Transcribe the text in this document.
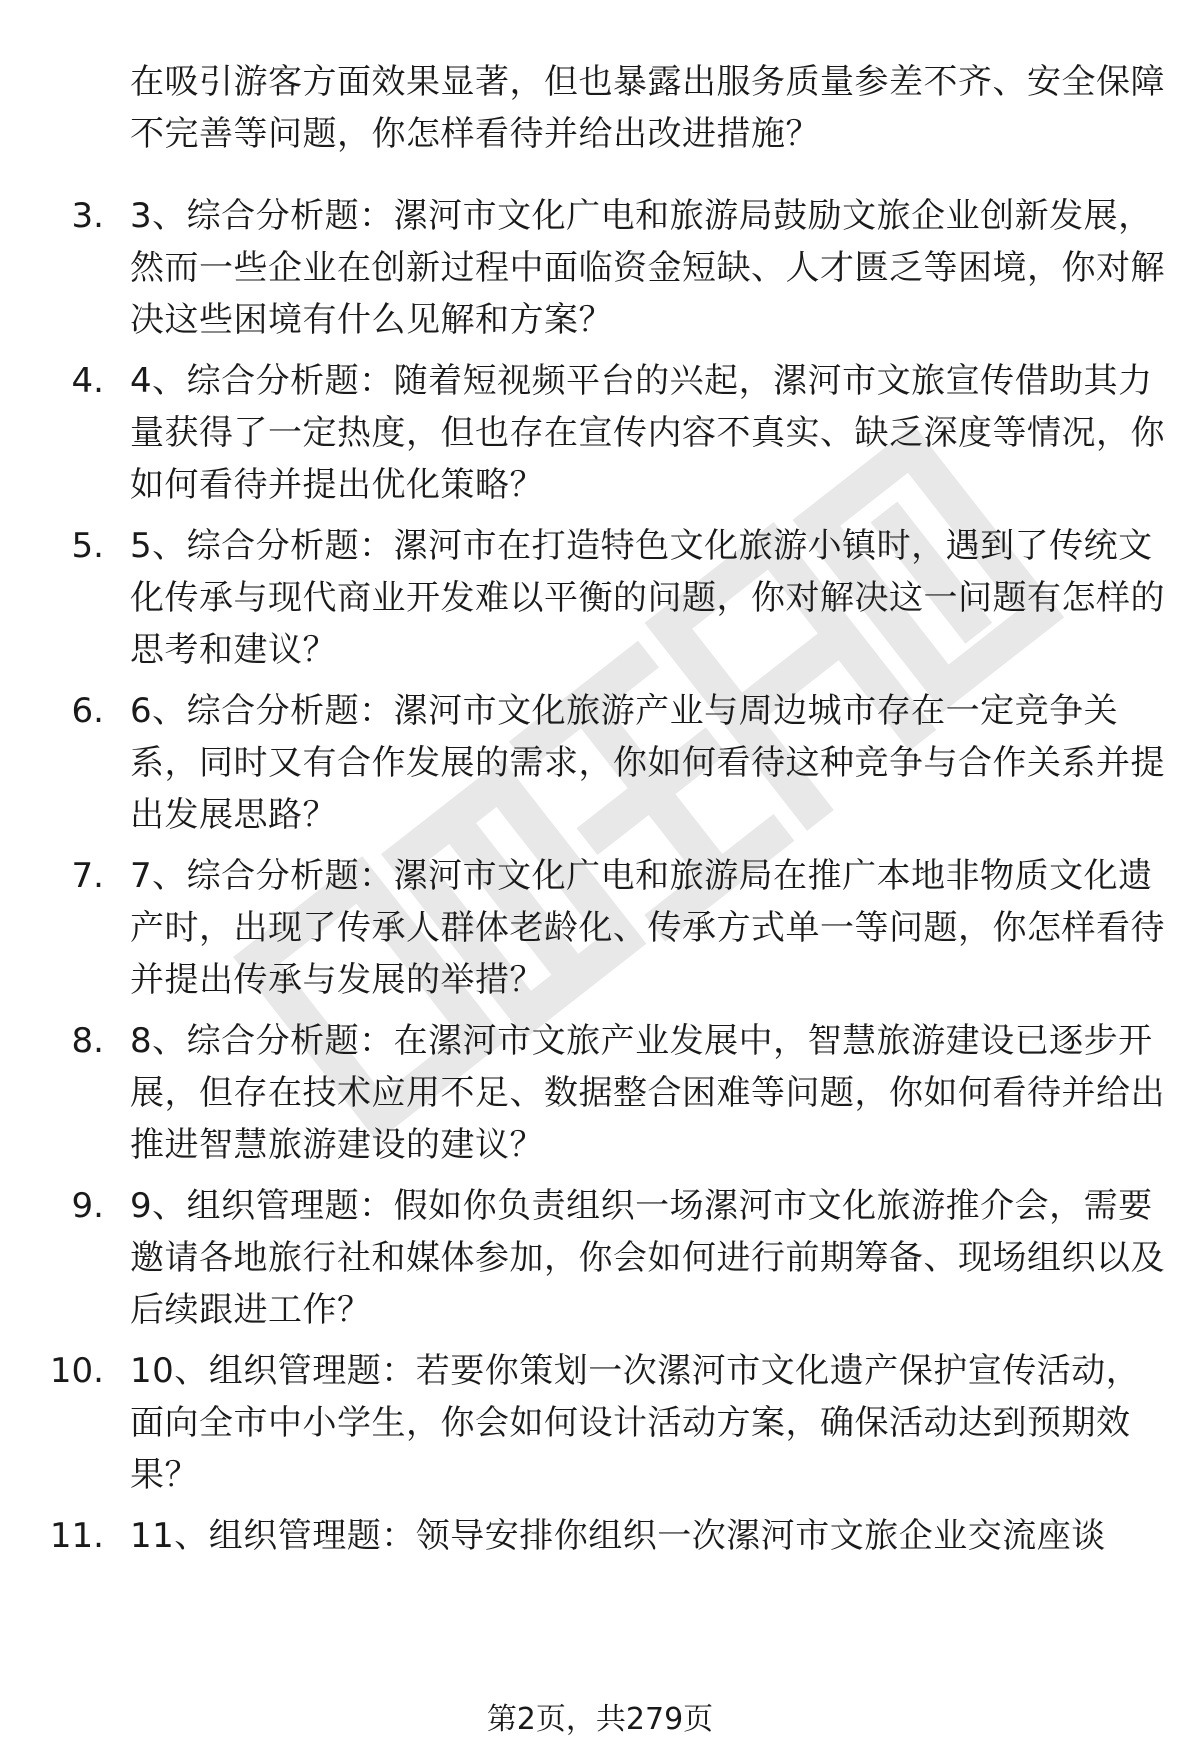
在吸引游客方面效果显著，但也暴露出服务质量参差不齐、安全保障不完善等问题，你怎样看待并给出改进措施？
3. 3、综合分析题：漯河市文化广电和旅游局鼓励文旅企业创新发展，然而一些企业在创新过程中面临资金短缺、人才匮乏等困境，你对解决这些困境有什么见解和方案？
4. 4、综合分析题：随着短视频平台的兴起，漯河市文旅宣传借助其力量获得了一定热度，但也存在宣传内容不真实、缺乏深度等情况，你如何看待并提出优化策略？
5. 5、综合分析题：漯河市在打造特色文化旅游小镇时，遇到了传统文化传承与现代商业开发难以平衡的问题，你对解决这一问题有怎样的思考和建议？
6. 6、综合分析题：漯河市文化旅游产业与周边城市存在一定竞争关系，同时又有合作发展的需求，你如何看待这种竞争与合作关系并提出发展思路？
7. 7、综合分析题：漯河市文化广电和旅游局在推广本地非物质文化遗产时，出现了传承人群体老龄化、传承方式单一等问题，你怎样看待并提出传承与发展的举措？
8. 8、综合分析题：在漯河市文旅产业发展中，智慧旅游建设已逐步开展，但存在技术应用不足、数据整合困难等问题，你如何看待并给出推进智慧旅游建设的建议？
9. 9、组织管理题：假如你负责组织一场漯河市文化旅游推介会，需要邀请各地旅行社和媒体参加，你会如何进行前期筹备、现场组织以及后续跟进工作？
10. 10、组织管理题：若要你策划一次漯河市文化遗产保护宣传活动，面向全市中小学生，你会如何设计活动方案，确保活动达到预期效果？
11. 11、组织管理题：领导安排你组织一次漯河市文旅企业交流座谈
第2页，共279页
